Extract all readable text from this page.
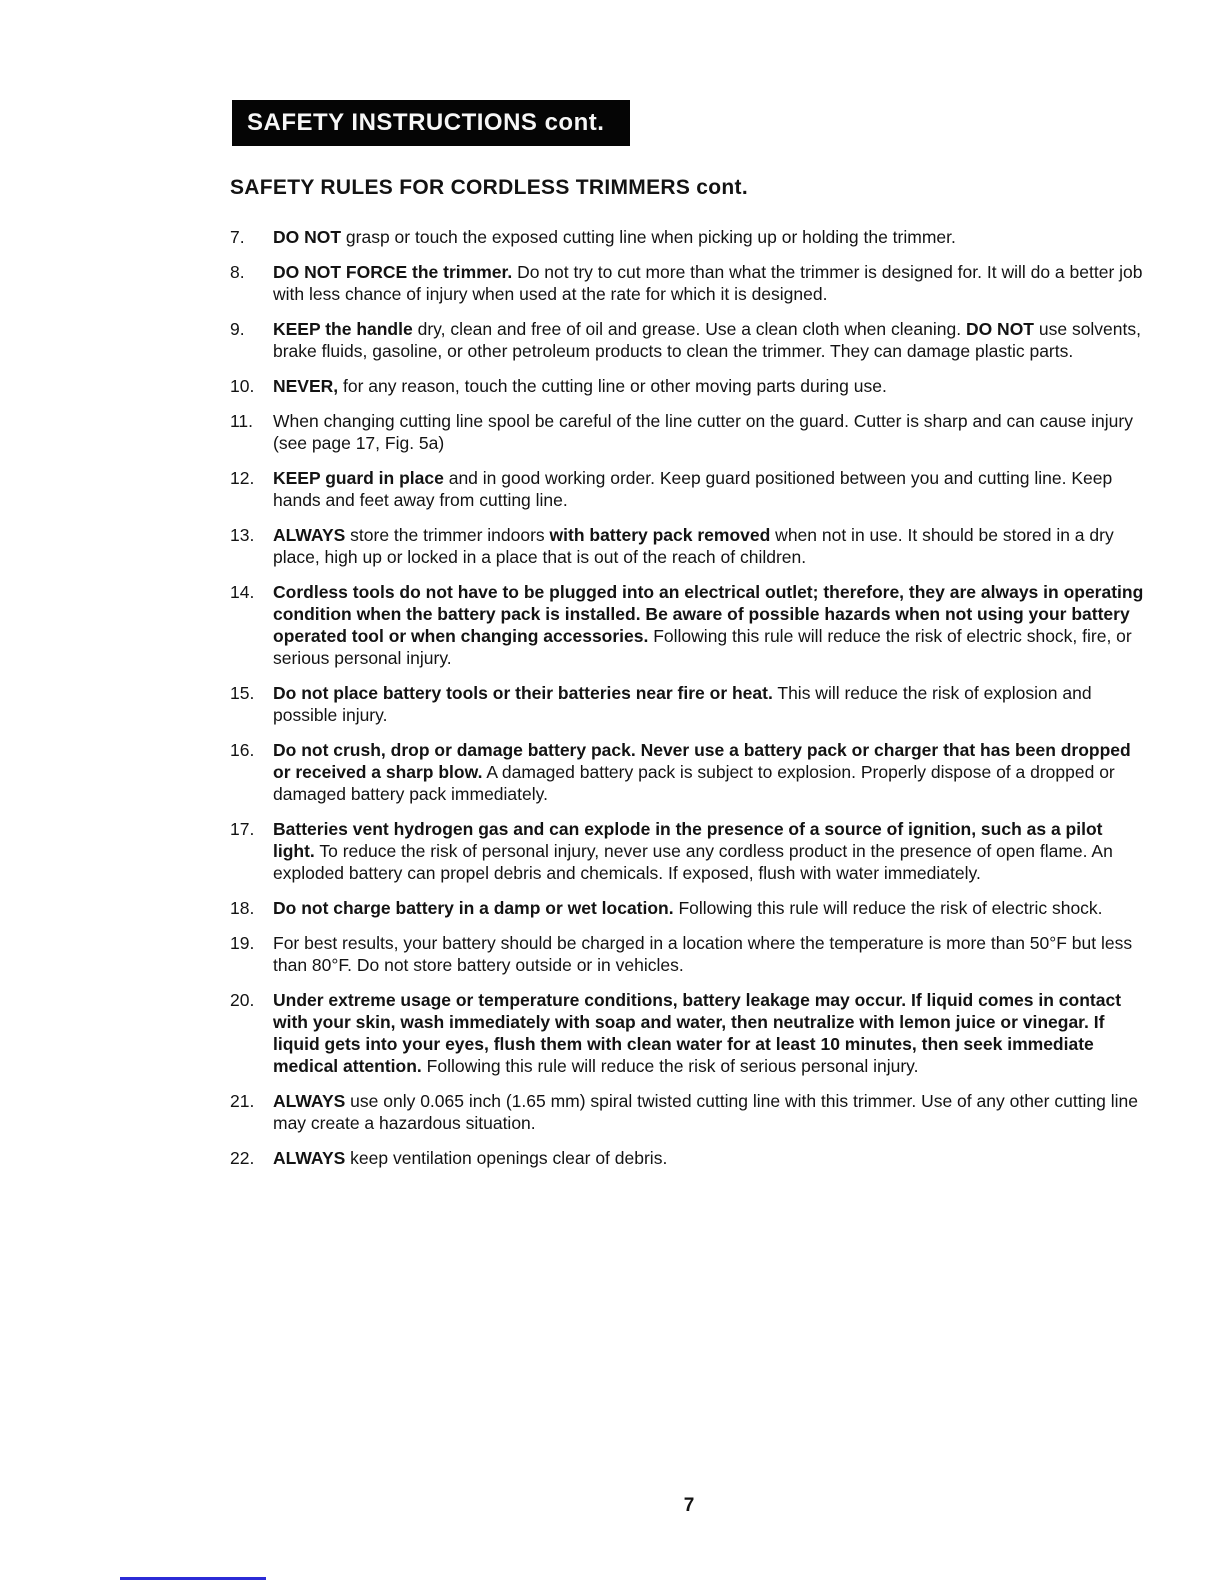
SAFETY INSTRUCTIONS cont.
SAFETY RULES FOR CORDLESS TRIMMERS cont.
7.	DO NOT grasp or touch the exposed cutting line when picking up or holding the trimmer.
8.	DO NOT FORCE the trimmer. Do not try to cut more than what the trimmer is designed for. It will do a better job with less chance of injury when used at the rate for which it is designed.
9.	KEEP the handle dry, clean and free of oil and grease. Use a clean cloth when cleaning. DO NOT use solvents, brake fluids, gasoline, or other petroleum products to clean the trimmer. They can damage plastic parts.
10.	NEVER, for any reason, touch the cutting line or other moving parts during use.
11.	When changing cutting line spool be careful of the line cutter on the guard. Cutter is sharp and can cause injury (see page 17, Fig. 5a)
12.	KEEP guard in place and in good working order. Keep guard positioned between you and cutting line. Keep hands and feet away from cutting line.
13.	ALWAYS store the trimmer indoors with battery pack removed when not in use. It should be stored in a dry place, high up or locked in a place that is out of the reach of children.
14.	Cordless tools do not have to be plugged into an electrical outlet; therefore, they are always in operating condition when the battery pack is installed. Be aware of possible hazards when not using your battery operated tool or when changing accessories. Following this rule will reduce the risk of electric shock, fire, or serious personal injury.
15.	Do not place battery tools or their batteries near fire or heat. This will reduce the risk of explosion and possible injury.
16.	Do not crush, drop or damage battery pack. Never use a battery pack or charger that has been dropped or received a sharp blow. A damaged battery pack is subject to explosion. Properly dispose of a dropped or damaged battery pack immediately.
17.	Batteries vent hydrogen gas and can explode in the presence of a source of ignition, such as a pilot light. To reduce the risk of personal injury, never use any cordless product in the presence of open flame. An exploded battery can propel debris and chemicals. If exposed, flush with water immediately.
18.	Do not charge battery in a damp or wet location. Following this rule will reduce the risk of electric shock.
19.	For best results, your battery should be charged in a location where the temperature is more than 50°F but less than 80°F. Do not store battery outside or in vehicles.
20.	Under extreme usage or temperature conditions, battery leakage may occur. If liquid comes in contact with your skin, wash immediately with soap and water, then neutralize with lemon juice or vinegar. If liquid gets into your eyes, flush them with clean water for at least 10 minutes, then seek immediate medical attention. Following this rule will reduce the risk of serious personal injury.
21.	ALWAYS use only 0.065 inch (1.65 mm) spiral twisted cutting line with this trimmer. Use of any other cutting line may create a hazardous situation.
22.	ALWAYS keep ventilation openings clear of debris.
7
